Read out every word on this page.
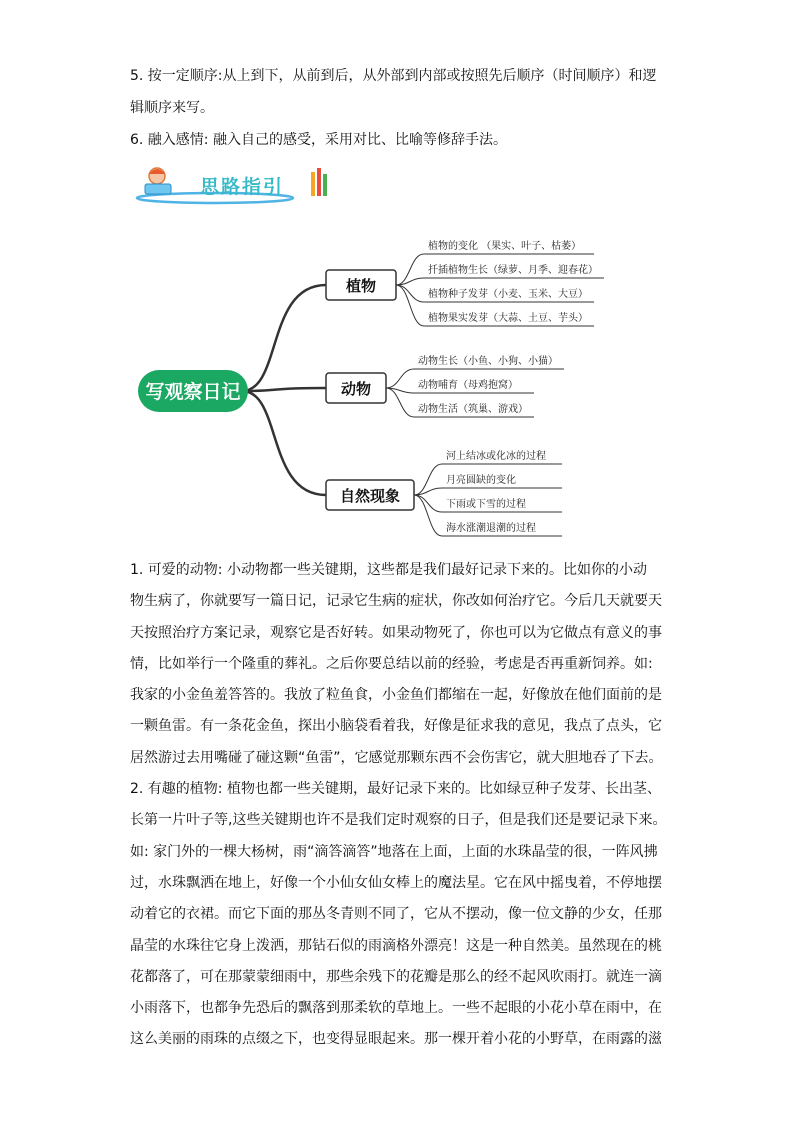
5. 按一定顺序:从上到下，从前到后，从外部到内部或按照先后顺序（时间顺序）和逻
辑顺序来写。
6. 融入感情: 融入自己的感受，采用对比、比喻等修辞手法。
思路指引
写观察日记
植物
植物的变化 （果实、叶子、枯萎）
扦插植物生长（绿萝、月季、迎春花）
植物种子发芽（小麦、玉米、大豆）
植物果实发芽（大蒜、土豆、芋头）
动物
动物生长（小鱼、小狗、小猫）
动物哺育（母鸡抱窝）
动物生活（筑巢、游戏）
自然现象
河上结冰或化冰的过程
月亮圆缺的变化
下雨或下雪的过程
海水涨潮退潮的过程

1. 可爱的动物: 小动物都一些关键期，这些都是我们最好记录下来的。比如你的小动

物生病了，你就要写一篇日记，记录它生病的症状，你改如何治疗它。今后几天就要天

天按照治疗方案记录，观察它是否好转。如果动物死了，你也可以为它做点有意义的事

情，比如举行一个隆重的葬礼。之后你要总结以前的经验，考虑是否再重新饲养。如:

我家的小金鱼羞答答的。我放了粒鱼食，小金鱼们都缩在一起，好像放在他们面前的是

一颗鱼雷。有一条花金鱼，探出小脑袋看着我，好像是征求我的意见，我点了点头，它

居然游过去用嘴碰了碰这颗“鱼雷”，它感觉那颗东西不会伤害它，就大胆地吞了下去。

2. 有趣的植物: 植物也都一些关键期，最好记录下来的。比如绿豆种子发芽、长出茎、

长第一片叶子等,这些关键期也许不是我们定时观察的日子，但是我们还是要记录下来。

如: 家门外的一棵大杨树，雨“滴答滴答”地落在上面，上面的水珠晶莹的很，一阵风拂

过，水珠飘洒在地上，好像一个小仙女仙女棒上的魔法星。它在风中摇曳着，不停地摆

动着它的衣裙。而它下面的那丛冬青则不同了，它从不摆动，像一位文静的少女，任那

晶莹的水珠往它身上泼洒，那钻石似的雨滴格外漂亮！这是一种自然美。虽然现在的桃

花都落了，可在那蒙蒙细雨中，那些余残下的花瓣是那么的经不起风吹雨打。就连一滴

小雨落下，也都争先恐后的飘落到那柔软的草地上。一些不起眼的小花小草在雨中，在

这么美丽的雨珠的点缀之下，也变得显眼起来。那一棵开着小花的小野草，在雨露的滋
